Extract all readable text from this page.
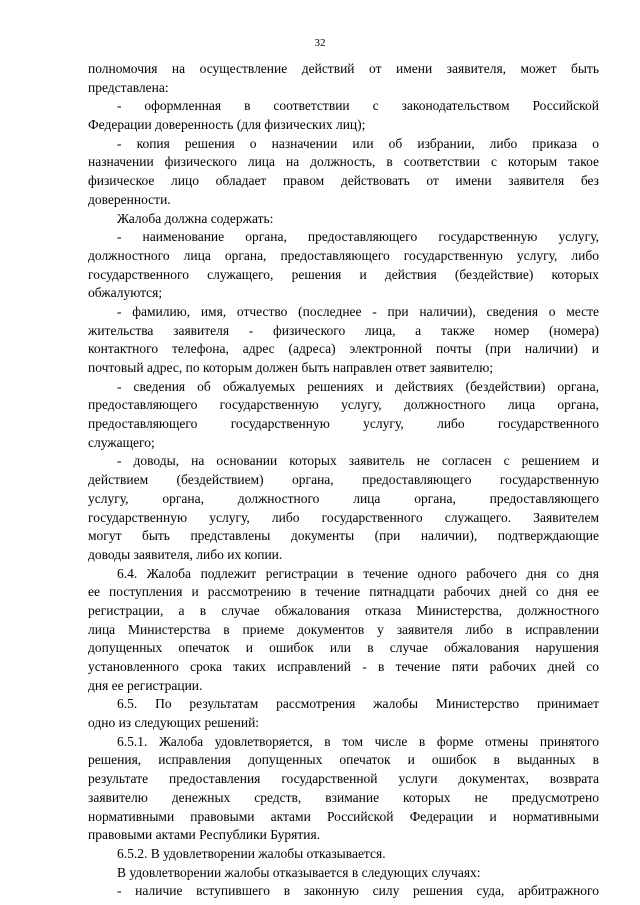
32
полномочия на осуществление действий от имени заявителя, может быть
представлена:
- оформленная в соответствии с законодательством Российской
Федерации доверенность (для физических лиц);
- копия решения о назначении или об избрании, либо приказа о
назначении физического лица на должность, в соответствии с которым такое
физическое лицо обладает правом действовать от имени заявителя без
доверенности.
Жалоба должна содержать:
- наименование органа, предоставляющего государственную услугу,
должностного лица органа, предоставляющего государственную услугу, либо
государственного служащего, решения и действия (бездействие) которых
обжалуются;
- фамилию, имя, отчество (последнее - при наличии), сведения о месте
жительства заявителя - физического лица, а также номер (номера)
контактного телефона, адрес (адреса) электронной почты (при наличии) и
почтовый адрес, по которым должен быть направлен ответ заявителю;
- сведения об обжалуемых решениях и действиях (бездействии) органа,
предоставляющего государственную услугу, должностного лица органа,
предоставляющего государственную услугу, либо государственного
служащего;
- доводы, на основании которых заявитель не согласен с решением и
действием (бездействием) органа, предоставляющего государственную
услугу, органа, должностного лица органа, предоставляющего
государственную услугу, либо государственного служащего. Заявителем
могут быть представлены документы (при наличии), подтверждающие
доводы заявителя, либо их копии.
6.4. Жалоба подлежит регистрации в течение одного рабочего дня со дня
ее поступления и рассмотрению в течение пятнадцати рабочих дней со дня ее
регистрации, а в случае обжалования отказа Министерства, должностного
лица Министерства в приеме документов у заявителя либо в исправлении
допущенных опечаток и ошибок или в случае обжалования нарушения
установленного срока таких исправлений - в течение пяти рабочих дней со
дня ее регистрации.
6.5. По результатам рассмотрения жалобы Министерство принимает
одно из следующих решений:
6.5.1. Жалоба удовлетворяется, в том числе в форме отмены принятого
решения, исправления допущенных опечаток и ошибок в выданных в
результате предоставления государственной услуги документах, возврата
заявителю денежных средств, взимание которых не предусмотрено
нормативными правовыми актами Российской Федерации и нормативными
правовыми актами Республики Бурятия.
6.5.2. В удовлетворении жалобы отказывается.
В удовлетворении жалобы отказывается в следующих случаях:
- наличие вступившего в законную силу решения суда, арбитражного
